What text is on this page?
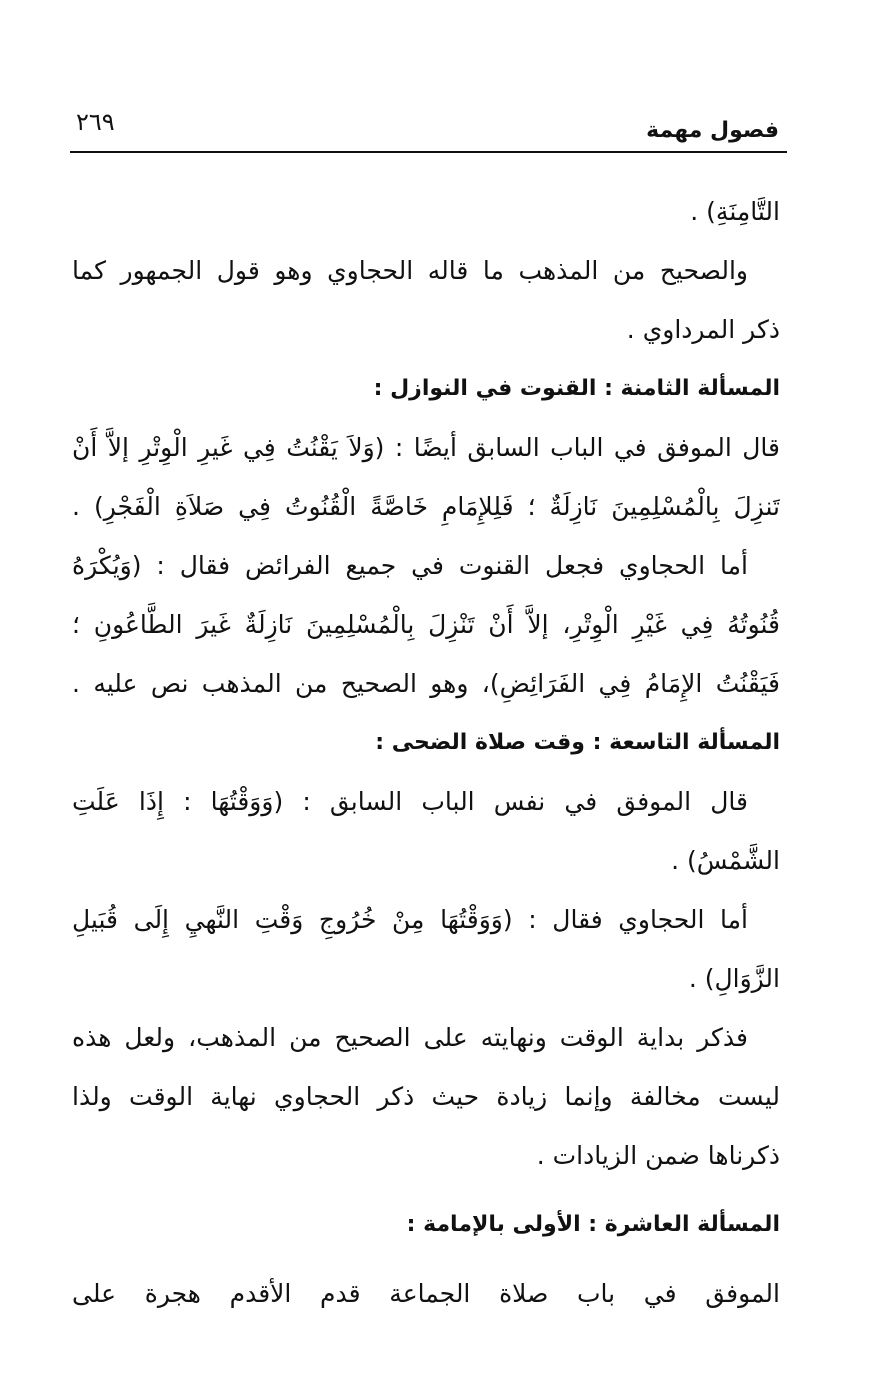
فصول مهمة
٢٦٩
التَّامِنَةِ) .
والصحيح من المذهب ما قاله الحجاوي وهو قول الجمهور كما
ذكر المرداوي .
المسألة الثامنة : القنوت في النوازل :
قال الموفق في الباب السابق أيضًا : (وَلاَ يَقْنُتُ فِي غَيرِ الْوِتْرِ إلاَّ أَنْ
تَنزِلَ بِالْمُسْلِمِينَ نَازِلَةٌ ؛ فَلِلإِمَامِ خَاصَّةً الْقُنُوتُ فِي صَلاَةِ الْفَجْرِ) .
أما الحجاوي فجعل القنوت في جميع الفرائض فقال : (وَيُكْرَهُ
قُنُوتُهُ فِي غَيْرِ الْوِتْرِ، إلاَّ أَنْ تَنْزِلَ بِالْمُسْلِمِينَ نَازِلَةٌ غَيرَ الطَّاعُونِ ؛
فَيَقْنُتُ الإِمَامُ فِي الفَرَائِضِ)، وهو الصحيح من المذهب نص عليه .
المسألة التاسعة : وقت صلاة الضحى :
قال الموفق في نفس الباب السابق : (وَوَقْتُهَا : إِذَا عَلَتِ
الشَّمْسُ) .
أما الحجاوي فقال : (وَوَقْتُهَا مِنْ خُرُوجِ وَقْتِ النَّهيِ إِلَى قُبَيلِ
الزَّوَالِ) .
فذكر بداية الوقت ونهايته على الصحيح من المذهب، ولعل هذه
ليست مخالفة وإنما زيادة حيث ذكر الحجاوي نهاية الوقت ولذا
ذكرناها ضمن الزيادات .
المسألة العاشرة : الأولى بالإمامة :
الموفق في باب صلاة الجماعة قدم الأقدم هجرة على
